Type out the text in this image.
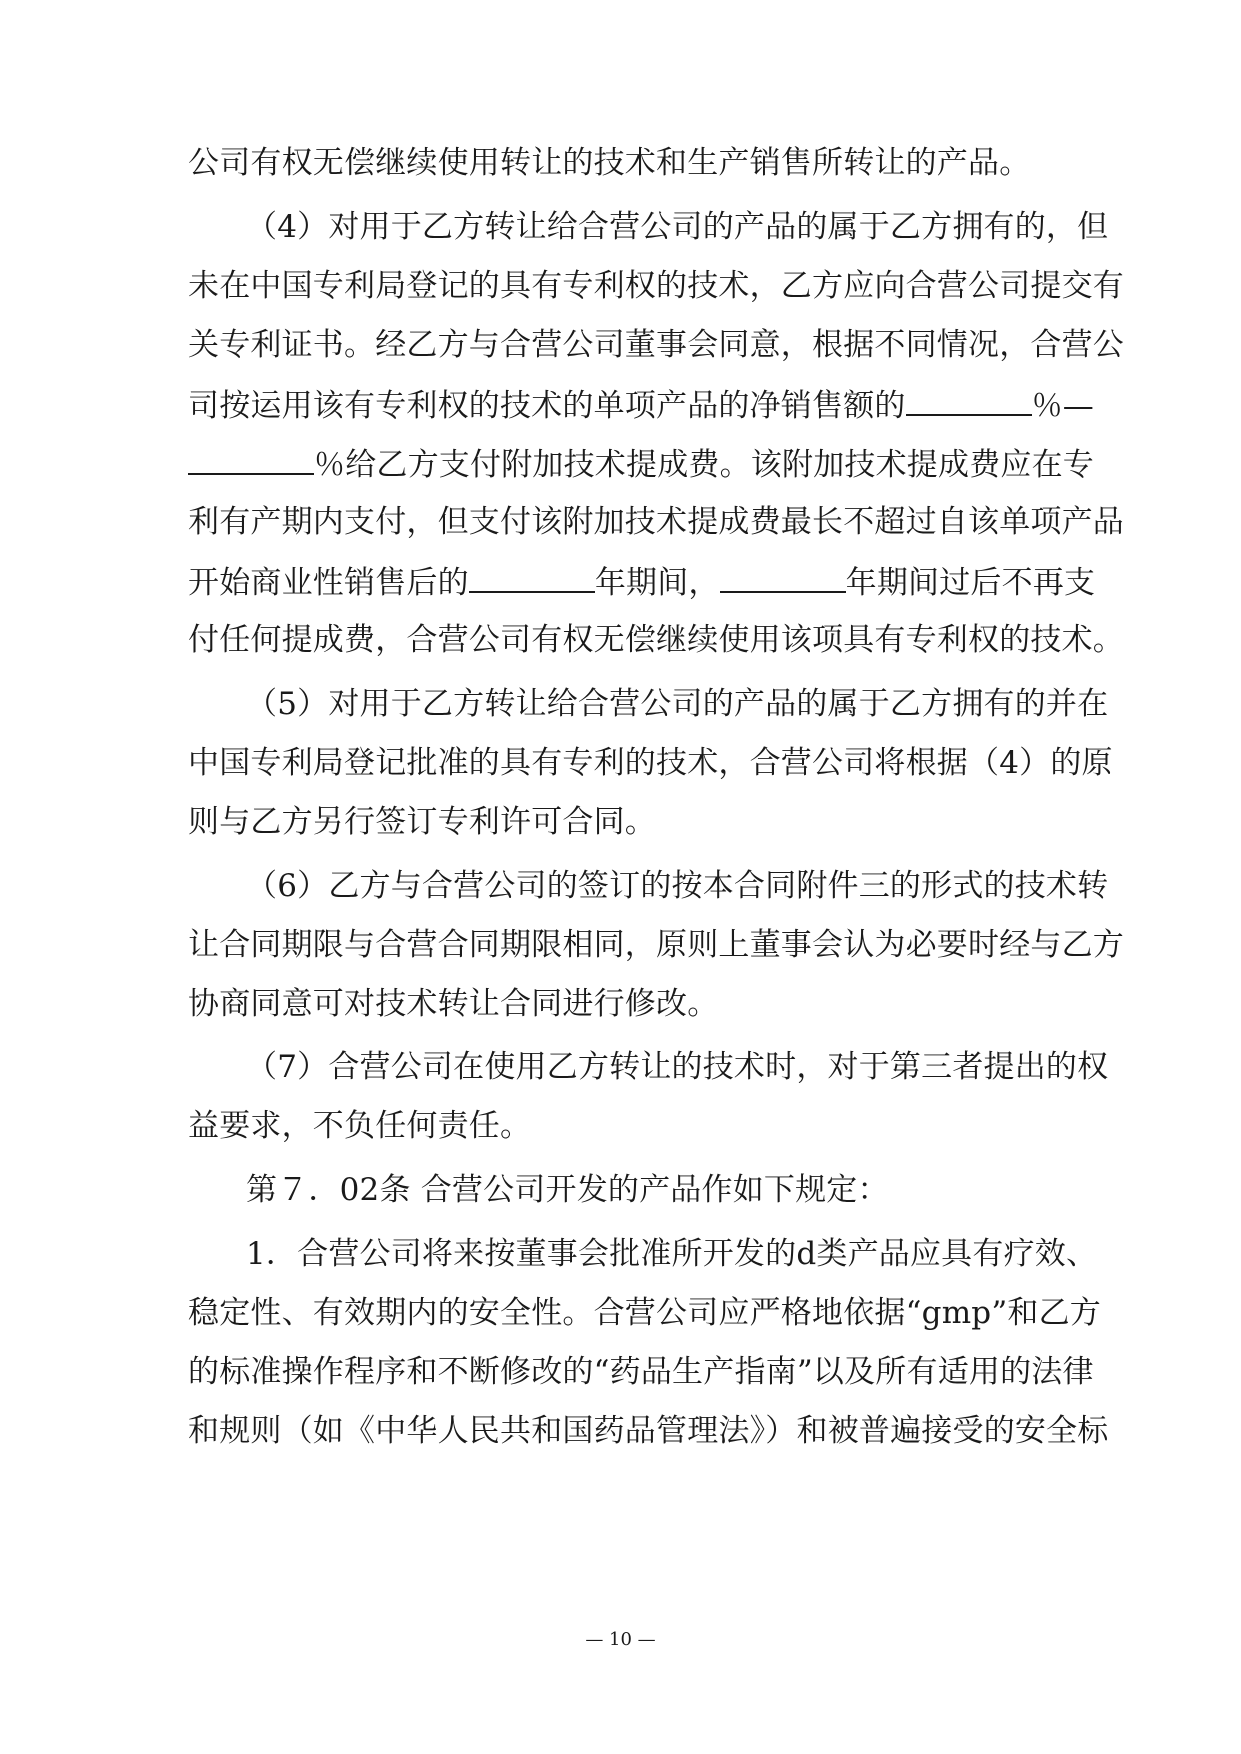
公司有权无偿继续使用转让的技术和生产销售所转让的产品。
（4）对用于乙方转让给合营公司的产品的属于乙方拥有的，但
未在中国专利局登记的具有专利权的技术，乙方应向合营公司提交有
关专利证书。经乙方与合营公司董事会同意，根据不同情况，合营公
司按运用该有专利权的技术的单项产品的净销售额的	％—
％给乙方支付附加技术提成费。该附加技术提成费应在专
利有产期内支付，但支付该附加技术提成费最长不超过自该单项产品
开始商业性销售后的	年期间，	年期间过后不再支
付任何提成费，合营公司有权无偿继续使用该项具有专利权的技术。
（5）对用于乙方转让给合营公司的产品的属于乙方拥有的并在
中国专利局登记批准的具有专利的技术，合营公司将根据（4）的原
则与乙方另行签订专利许可合同。
（6）乙方与合营公司的签订的按本合同附件三的形式的技术转
让合同期限与合营合同期限相同，原则上董事会认为必要时经与乙方
协商同意可对技术转让合同进行修改。
（7）合营公司在使用乙方转让的技术时，对于第三者提出的权
益要求，不负任何责任。
第７．02条 合营公司开发的产品作如下规定：
1．合营公司将来按董事会批准所开发的d类产品应具有疗效、
稳定性、有效期内的安全性。合营公司应严格地依据“gmp”和乙方
的标准操作程序和不断修改的“药品生产指南”以及所有适用的法律
和规则（如《中华人民共和国药品管理法》）和被普遍接受的安全标
— 10 —
